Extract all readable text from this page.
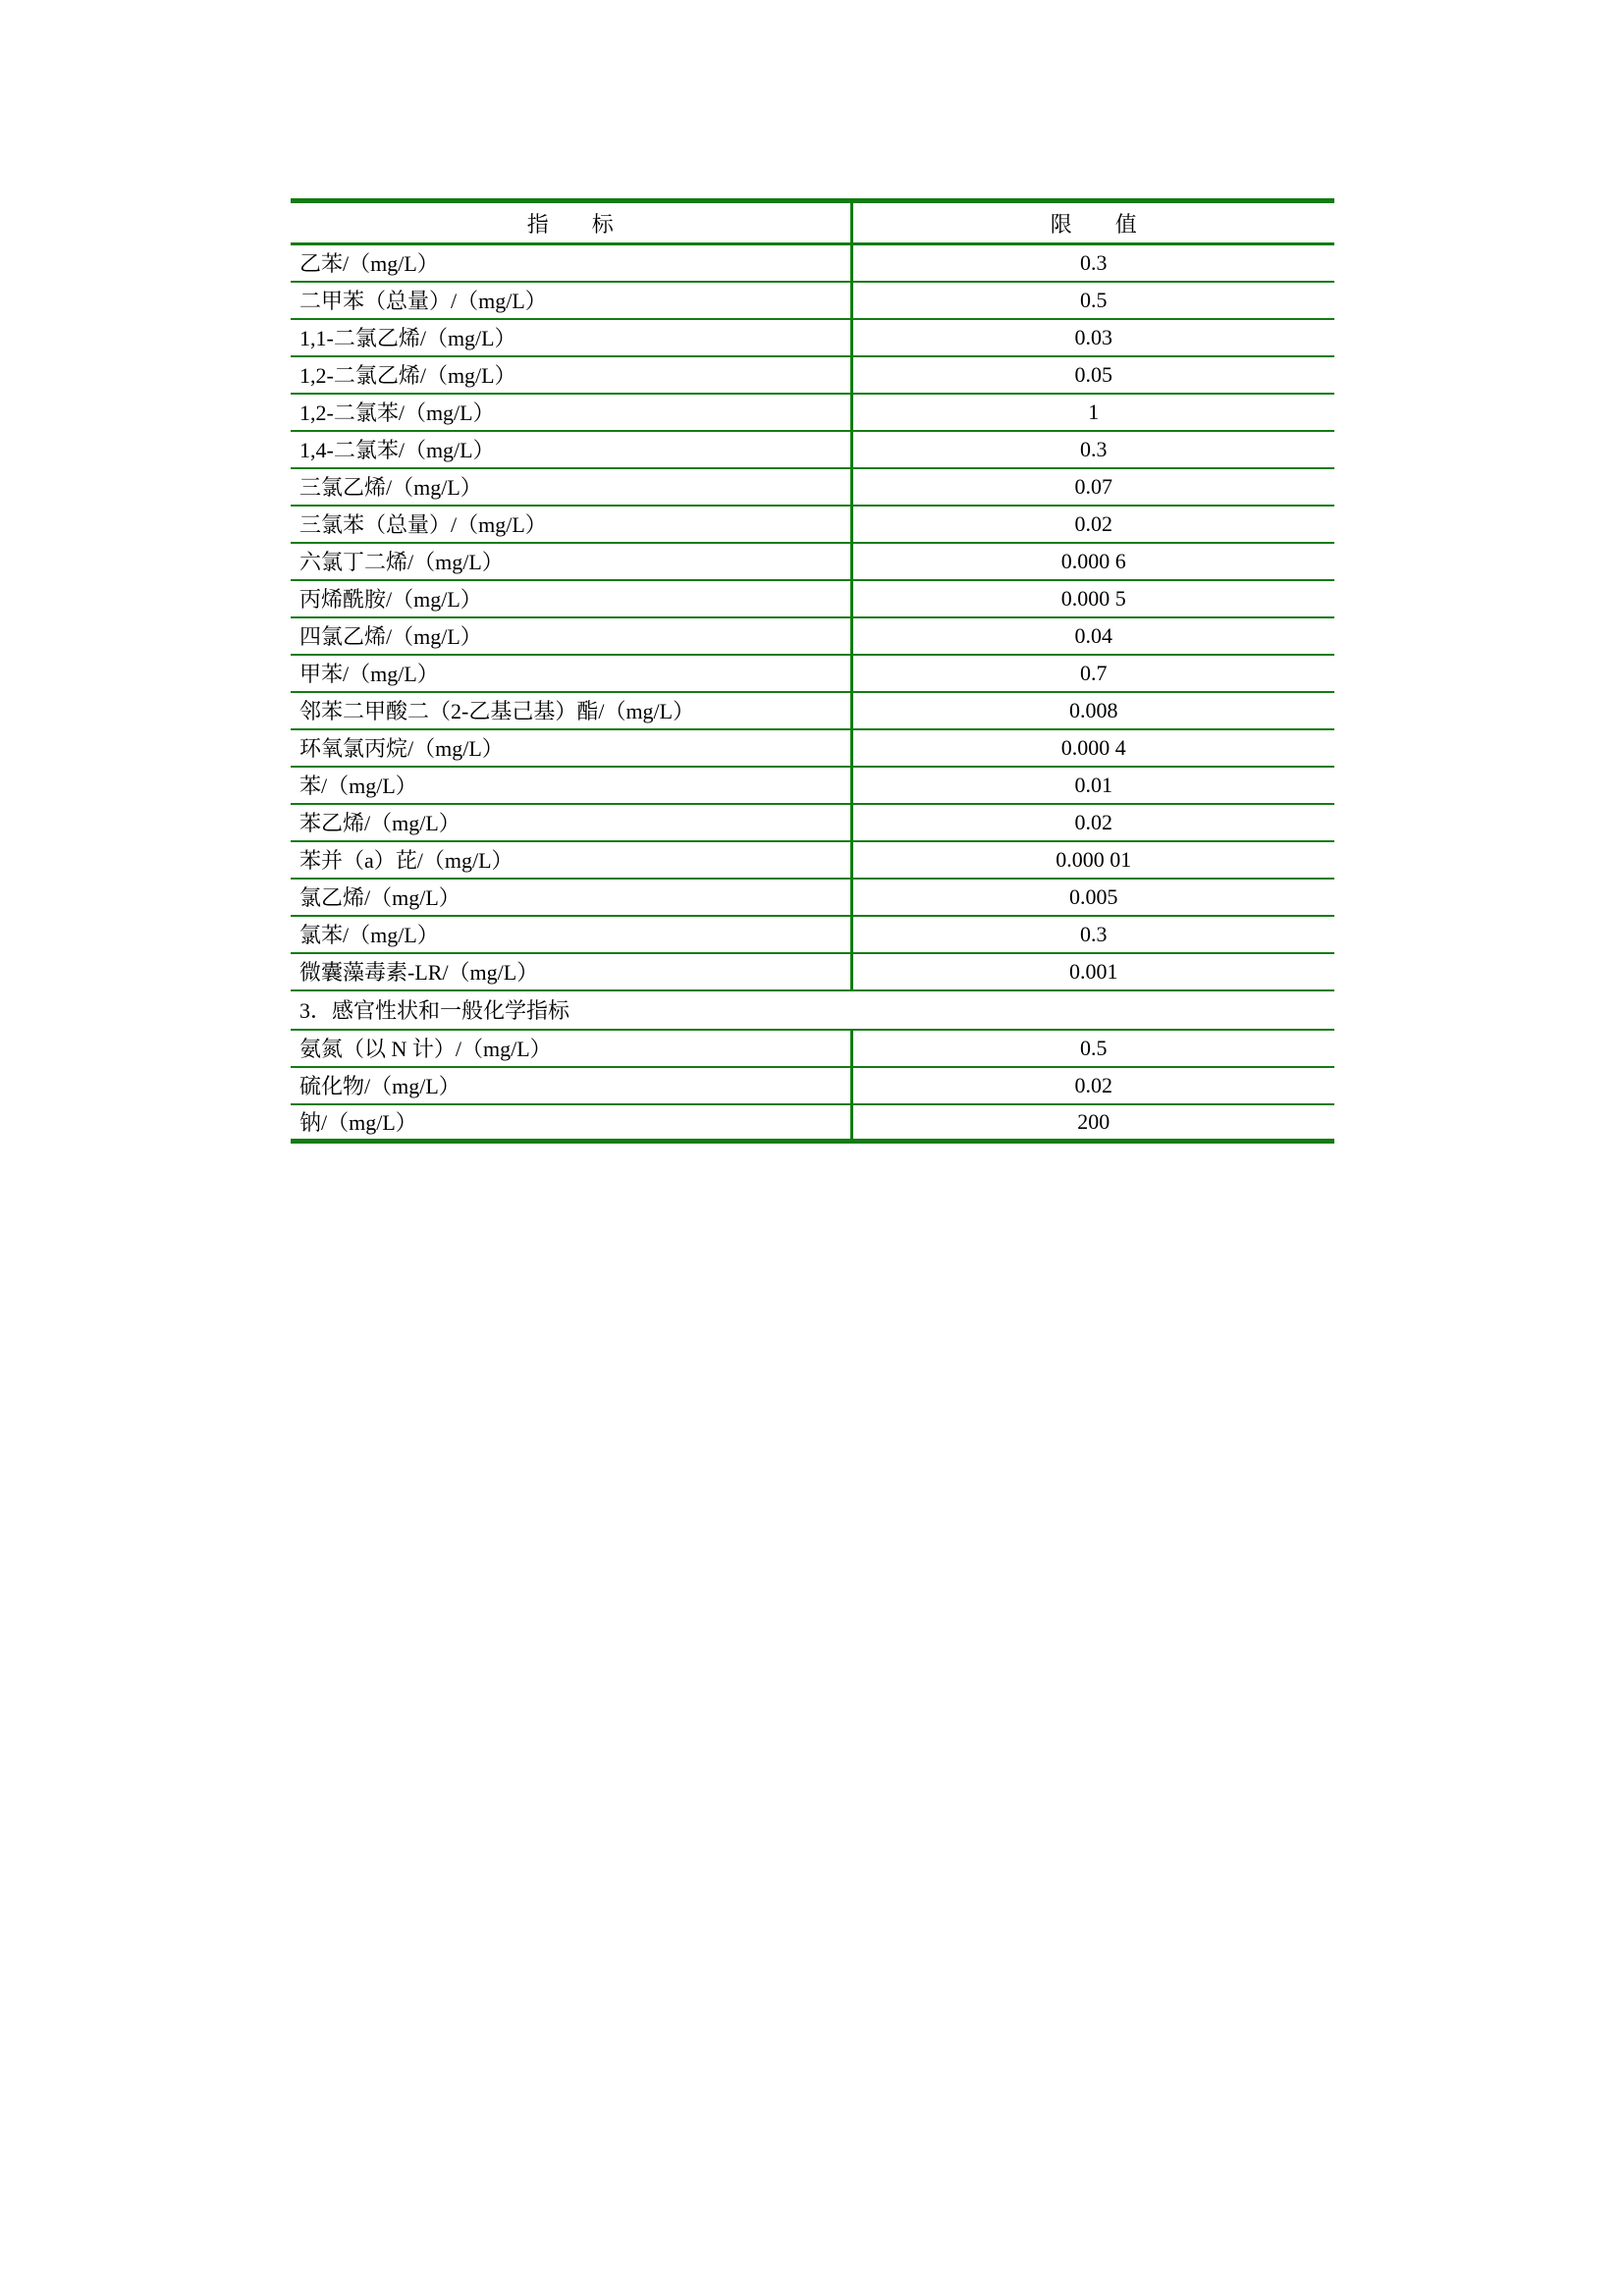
指　　标	限　　值
乙苯/（mg/L）	0.3
二甲苯（总量）/（mg/L）	0.5
1,1-二氯乙烯/（mg/L）	0.03
1,2-二氯乙烯/（mg/L）	0.05
1,2-二氯苯/（mg/L）	1
1,4-二氯苯/（mg/L）	0.3
三氯乙烯/（mg/L）	0.07
三氯苯（总量）/（mg/L）	0.02
六氯丁二烯/（mg/L）	0.000 6
丙烯酰胺/（mg/L）	0.000 5
四氯乙烯/（mg/L）	0.04
甲苯/（mg/L）	0.7
邻苯二甲酸二（2-乙基己基）酯/（mg/L）	0.008
环氧氯丙烷/（mg/L）	0.000 4
苯/（mg/L）	0.01
苯乙烯/（mg/L）	0.02
苯并（a）芘/（mg/L）	0.000 01
氯乙烯/（mg/L）	0.005
氯苯/（mg/L）	0.3
微囊藻毒素-LR/（mg/L）	0.001
3．感官性状和一般化学指标	
氨氮（以 N 计）/（mg/L）	0.5
硫化物/（mg/L）	0.02
钠/（mg/L）	200
